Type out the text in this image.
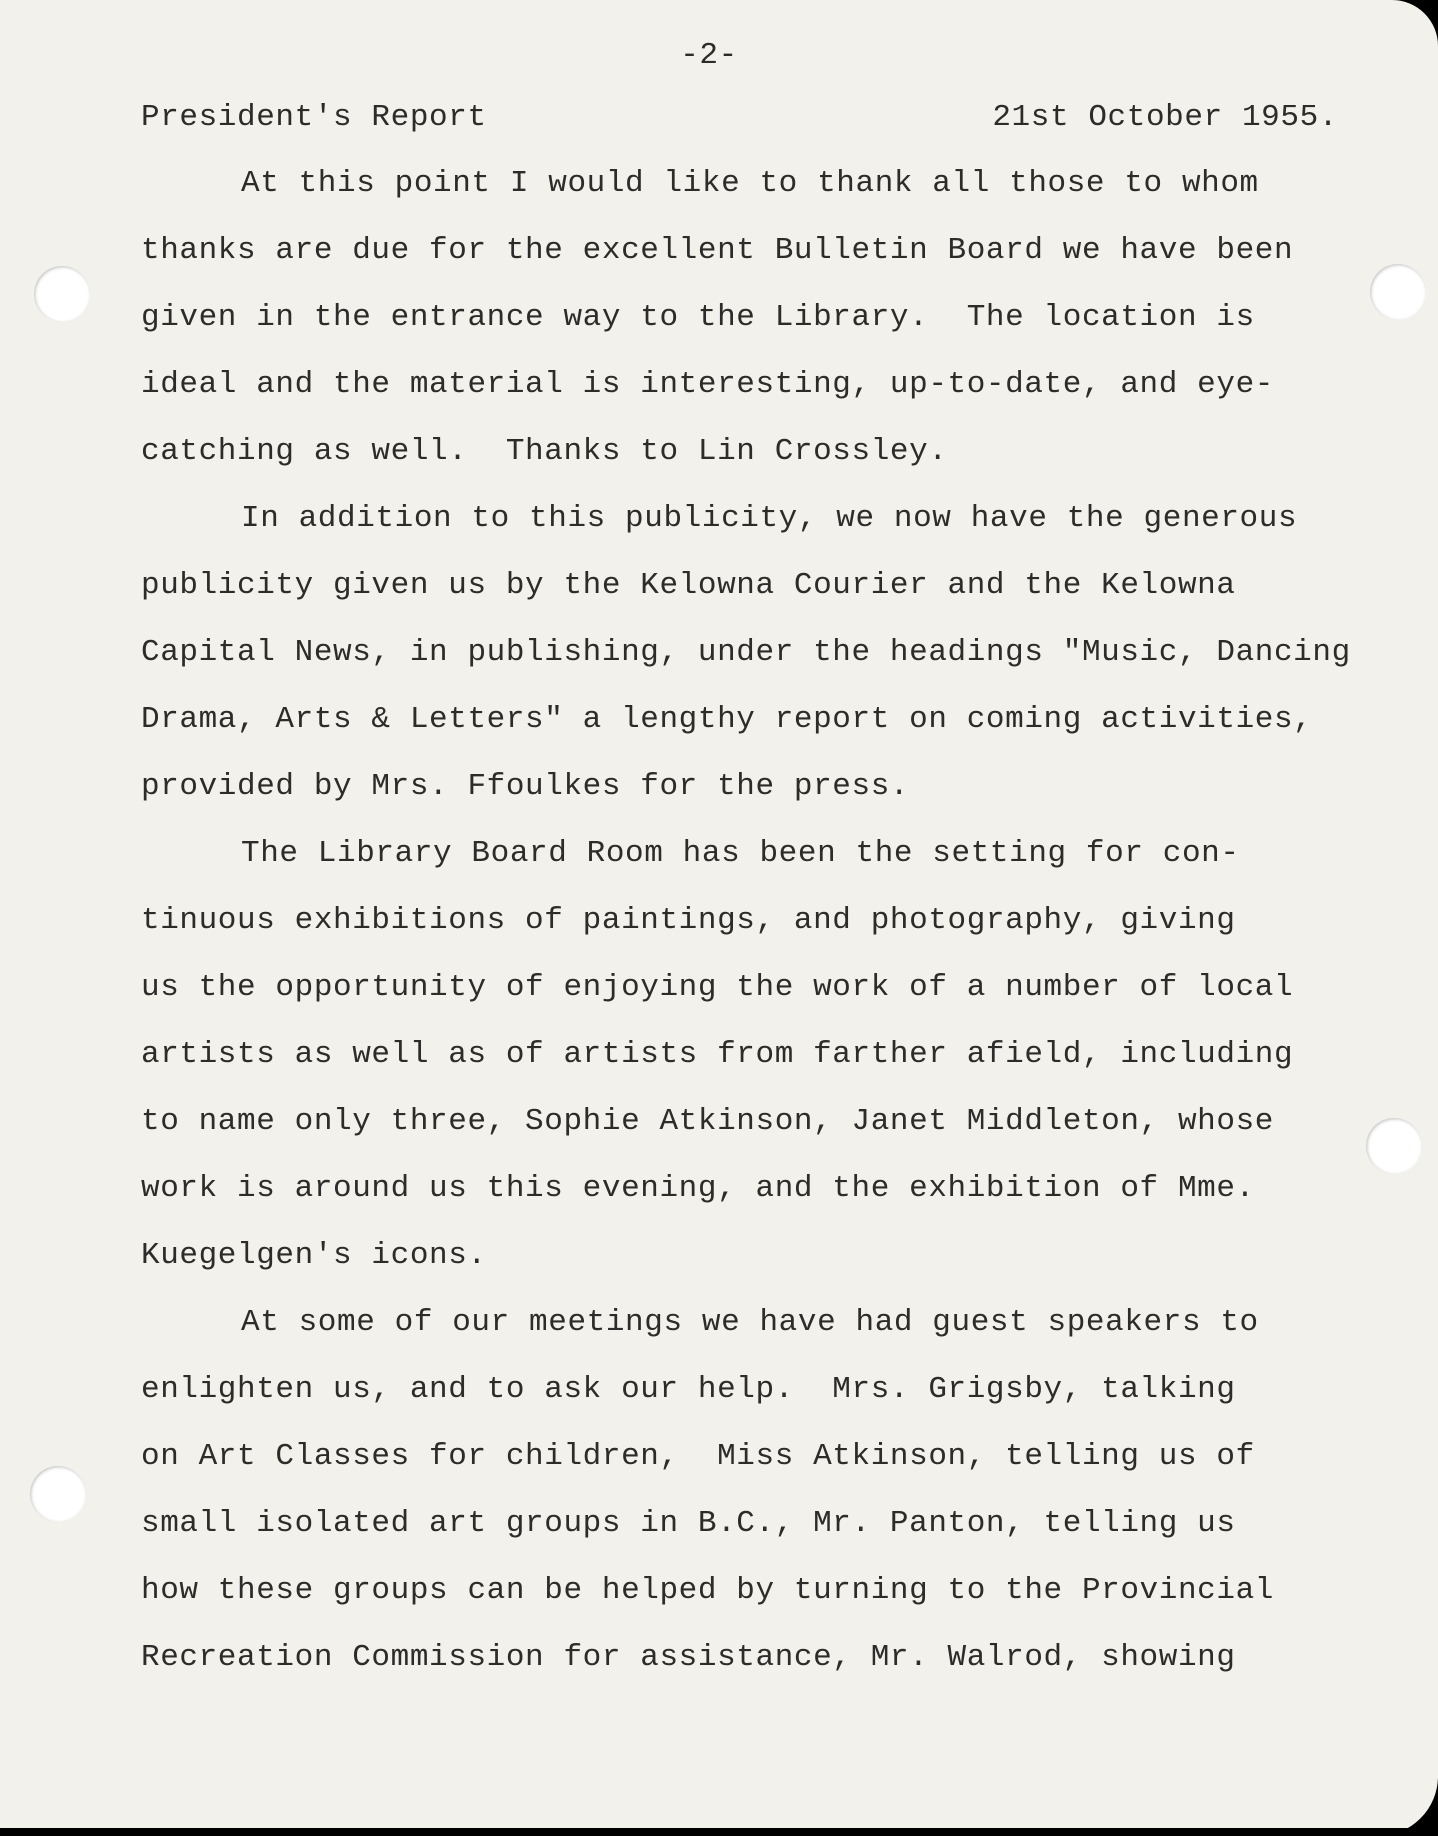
-2-
President's Report	21st October 1955.
At this point I would like to thank all those to whom
thanks are due for the excellent Bulletin Board we have been
given in the entrance way to the Library.  The location is
ideal and the material is interesting, up-to-date, and eye-
catching as well.  Thanks to Lin Crossley.
In addition to this publicity, we now have the generous
publicity given us by the Kelowna Courier and the Kelowna
Capital News, in publishing, under the headings "Music, Dancing
Drama, Arts & Letters" a lengthy report on coming activities,
provided by Mrs. Ffoulkes for the press.
The Library Board Room has been the setting for con-
tinuous exhibitions of paintings, and photography, giving
us the opportunity of enjoying the work of a number of local
artists as well as of artists from farther afield, including
to name only three, Sophie Atkinson, Janet Middleton, whose
work is around us this evening, and the exhibition of Mme.
Kuegelgen's icons.
At some of our meetings we have had guest speakers to
enlighten us, and to ask our help.  Mrs. Grigsby, talking
on Art Classes for children,  Miss Atkinson, telling us of
small isolated art groups in B.C., Mr. Panton, telling us
how these groups can be helped by turning to the Provincial
Recreation Commission for assistance, Mr. Walrod, showing
